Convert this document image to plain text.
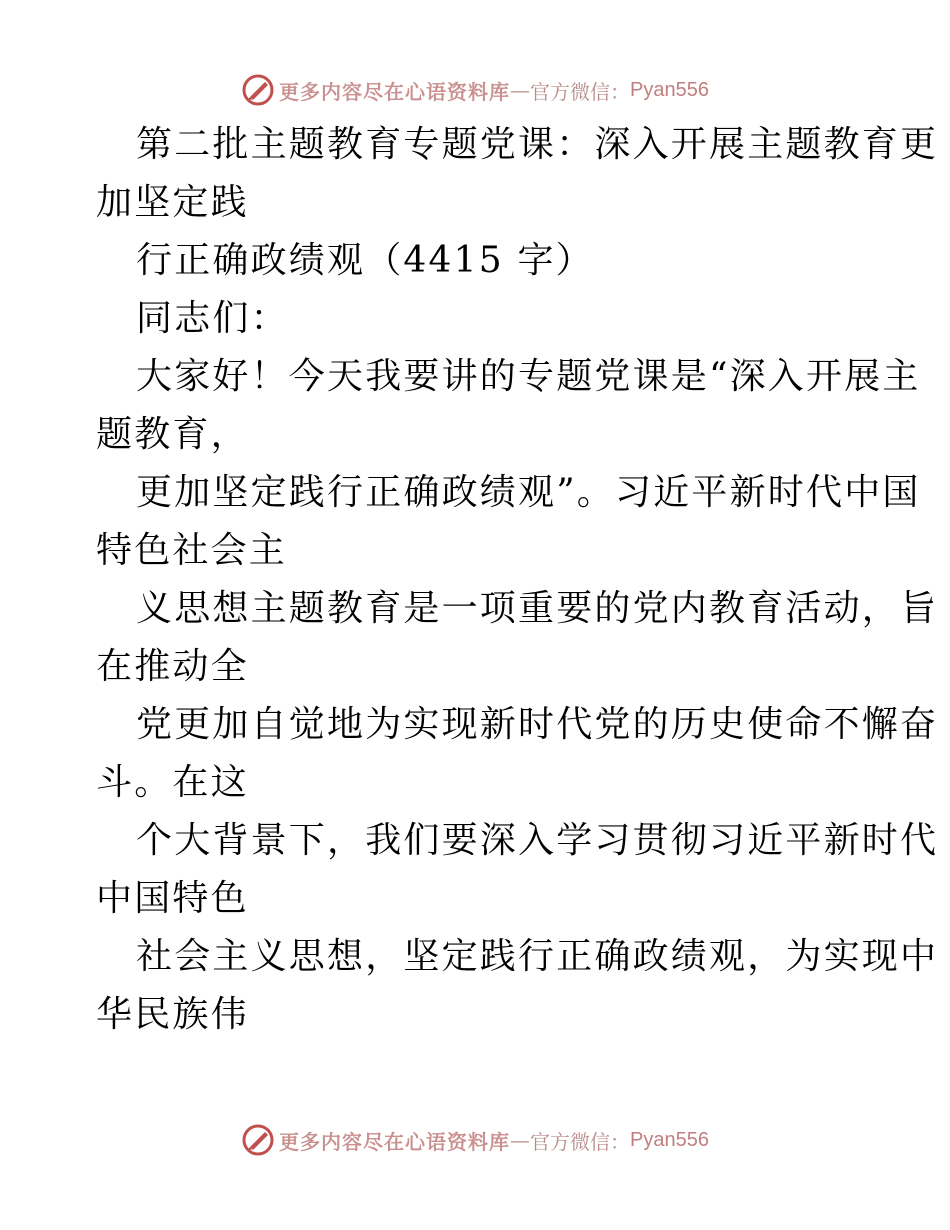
更多内容尽在心语资料库 — 官方微信： Pyan556
第二批主题教育专题党课：深入开展主题教育更
加坚定践
行正确政绩观（4415 字）
同志们：
大家好！今天我要讲的专题党课是“深入开展主
题教育，
更加坚定践行正确政绩观”。习近平新时代中国
特色社会主
义思想主题教育是一项重要的党内教育活动，旨
在推动全
党更加自觉地为实现新时代党的历史使命不懈奋
斗。在这
个大背景下，我们要深入学习贯彻习近平新时代
中国特色
社会主义思想，坚定践行正确政绩观，为实现中
华民族伟
更多内容尽在心语资料库 — 官方微信： Pyan556
